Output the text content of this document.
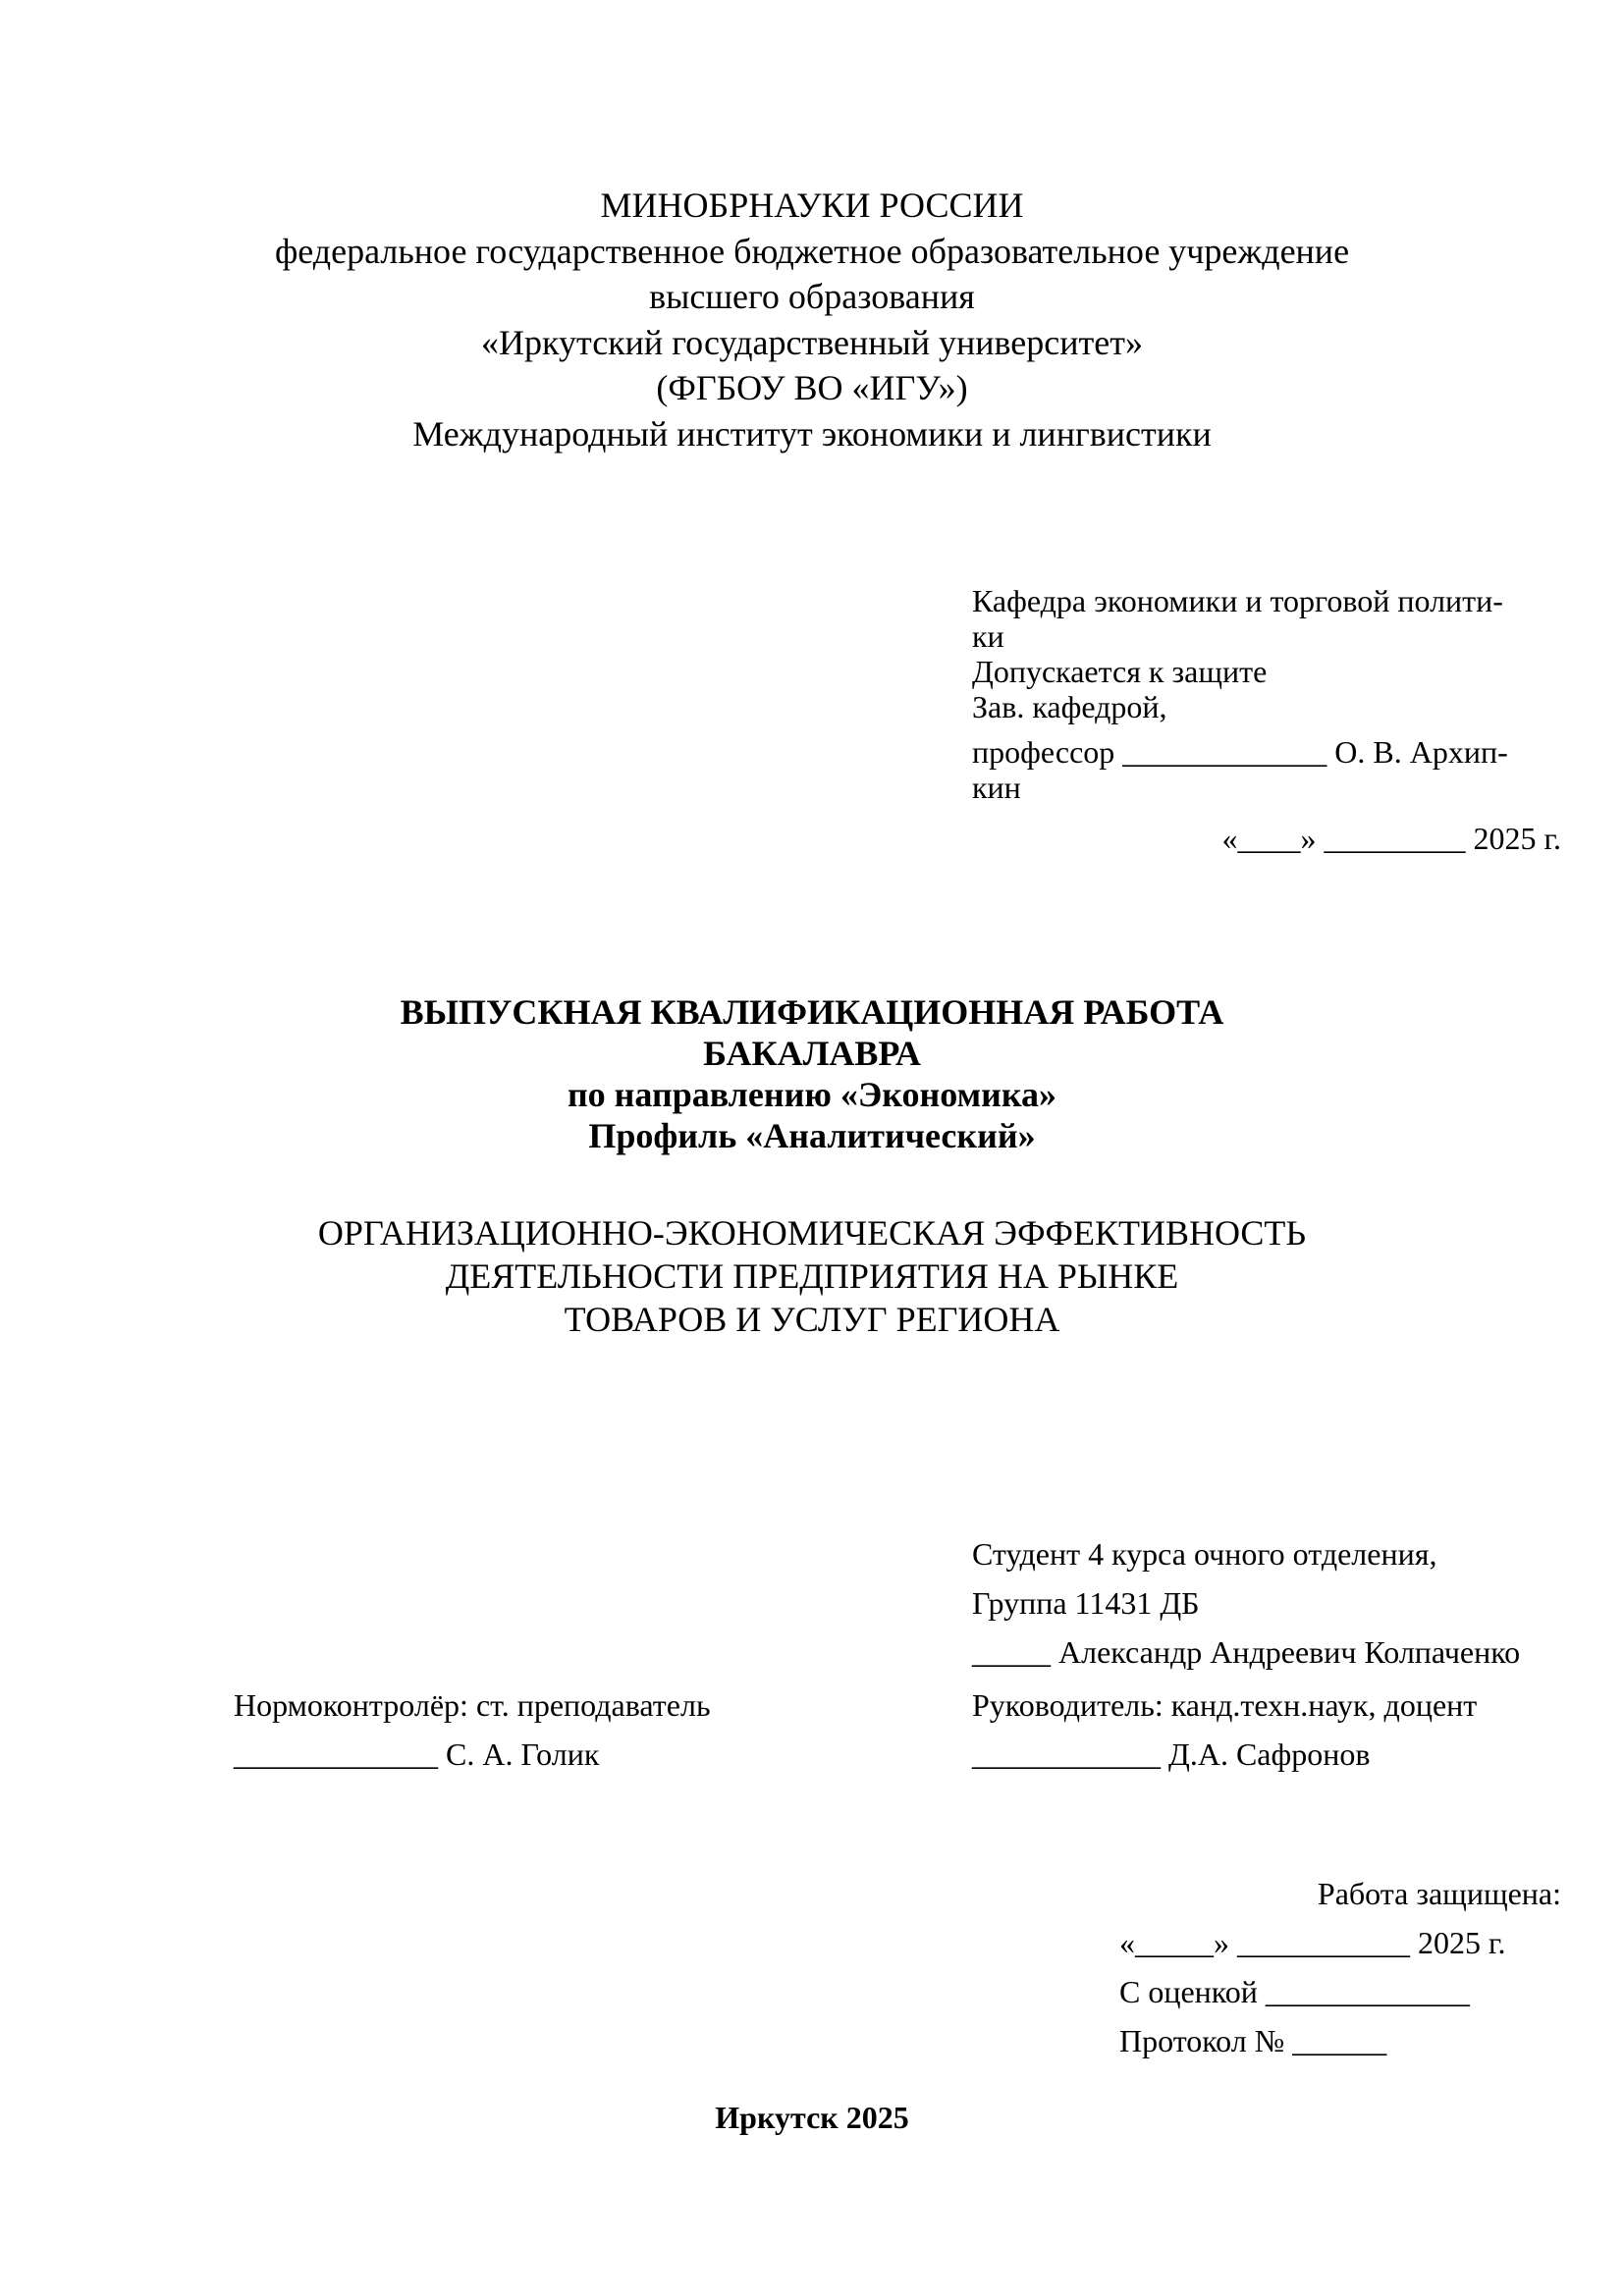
МИНОБРНАУКИ РОССИИ
федеральное государственное бюджетное образовательное учреждение
высшего образования
«Иркутский государственный университет»
(ФГБОУ ВО «ИГУ»)
Международный институт экономики и лингвистики
Кафедра экономики и торговой полити-
ки
Допускается к защите
Зав. кафедрой,
профессор _____________ О. В. Архип-
кин
«____» _________ 2025 г.
ВЫПУСКНАЯ КВАЛИФИКАЦИОННАЯ РАБОТА
БАКАЛАВРА
по направлению «Экономика»
Профиль «Аналитический»
ОРГАНИЗАЦИОННО-ЭКОНОМИЧЕСКАЯ ЭФФЕКТИВНОСТЬ
ДЕЯТЕЛЬНОСТИ ПРЕДПРИЯТИЯ НА РЫНКЕ
ТОВАРОВ И УСЛУГ РЕГИОНА
Студент 4 курса очного отделения,
Группа 11431 ДБ
_____ Александр Андреевич Колпаченко
Нормоконтролёр: ст. преподаватель
_____________ С. А. Голик
Руководитель: канд.техн.наук, доцент
____________ Д.А. Сафронов
Работа защищена:
«_____» ___________ 2025 г.
С оценкой _____________
Протокол № ______
Иркутск 2025
